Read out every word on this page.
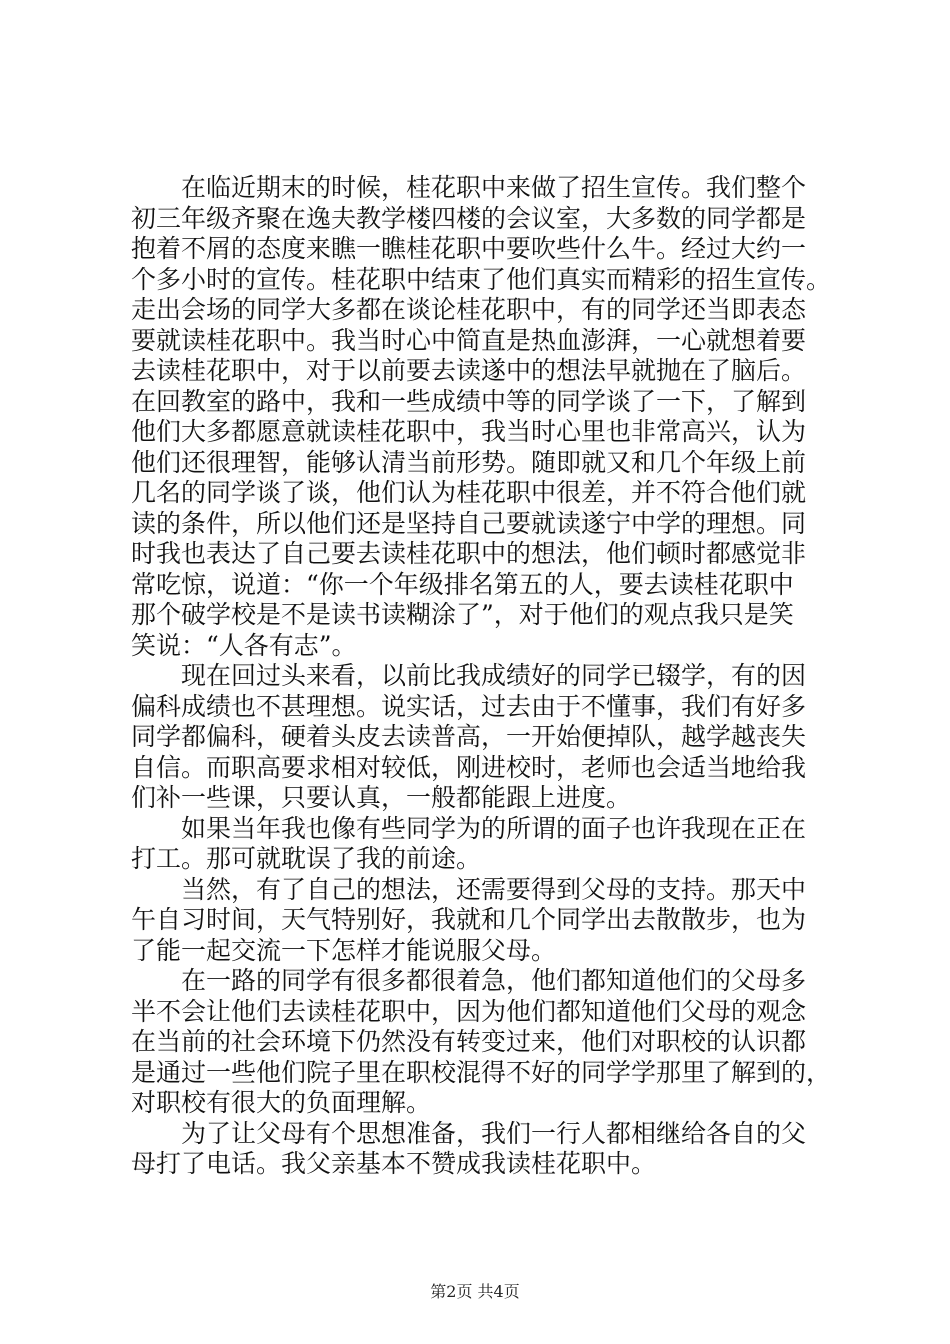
　　在临近期末的时候，桂花职中来做了招生宣传。我们整个
初三年级齐聚在逸夫教学楼四楼的会议室，大多数的同学都是
抱着不屑的态度来瞧一瞧桂花职中要吹些什么牛。经过大约一
个多小时的宣传。桂花职中结束了他们真实而精彩的招生宣传。
走出会场的同学大多都在谈论桂花职中，有的同学还当即表态
要就读桂花职中。我当时心中简直是热血澎湃，一心就想着要
去读桂花职中，对于以前要去读遂中的想法早就抛在了脑后。
在回教室的路中，我和一些成绩中等的同学谈了一下，了解到
他们大多都愿意就读桂花职中，我当时心里也非常高兴，认为
他们还很理智，能够认清当前形势。随即就又和几个年级上前
几名的同学谈了谈，他们认为桂花职中很差，并不符合他们就
读的条件，所以他们还是坚持自己要就读遂宁中学的理想。同
时我也表达了自己要去读桂花职中的想法，他们顿时都感觉非
常吃惊，说道：“你一个年级排名第五的人，要去读桂花职中
那个破学校是不是读书读糊涂了”，对于他们的观点我只是笑
笑说：“人各有志”。
　　现在回过头来看，以前比我成绩好的同学已辍学，有的因
偏科成绩也不甚理想。说实话，过去由于不懂事，我们有好多
同学都偏科，硬着头皮去读普高，一开始便掉队，越学越丧失
自信。而职高要求相对较低，刚进校时，老师也会适当地给我
们补一些课，只要认真，一般都能跟上进度。
　　如果当年我也像有些同学为的所谓的面子也许我现在正在
打工。那可就耽误了我的前途。
　　当然，有了自己的想法，还需要得到父母的支持。那天中
午自习时间，天气特别好，我就和几个同学出去散散步，也为
了能一起交流一下怎样才能说服父母。
　　在一路的同学有很多都很着急，他们都知道他们的父母多
半不会让他们去读桂花职中，因为他们都知道他们父母的观念
在当前的社会环境下仍然没有转变过来，他们对职校的认识都
是通过一些他们院子里在职校混得不好的同学学那里了解到的，
对职校有很大的负面理解。
　　为了让父母有个思想准备，我们一行人都相继给各自的父
母打了电话。我父亲基本不赞成我读桂花职中。
第2页 共4页
